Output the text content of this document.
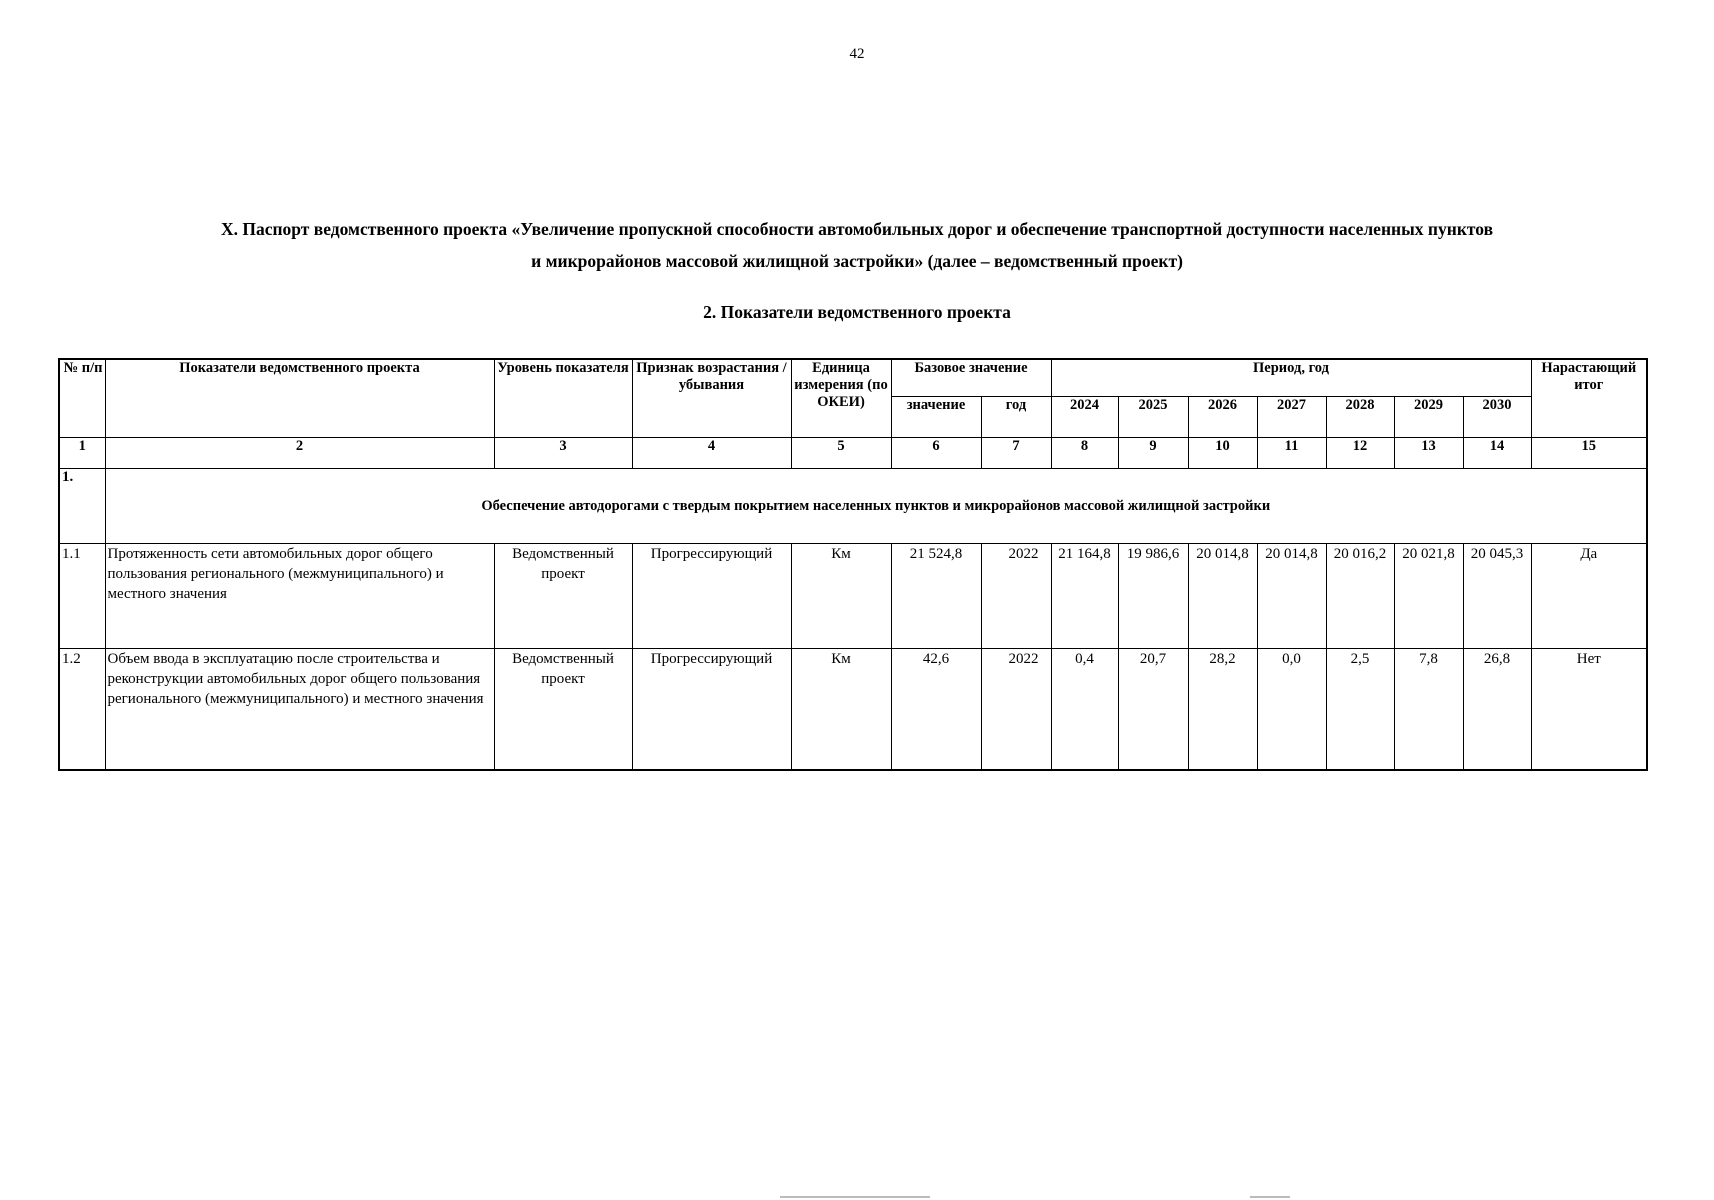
42
X. Паспорт ведомственного проекта «Увеличение пропускной способности автомобильных дорог и обеспечение транспортной доступности населенных пунктов
и микрорайонов массовой жилищной застройки» (далее – ведомственный проект)
2. Показатели ведомственного проекта
№ п/п	Показатели ведомственного проекта	Уровень показателя	Признак возрастания / убывания	Единица измерения (по ОКЕИ)	Базовое значение		Период, год							Нарастающий итог
					значение	год	2024	2025	2026	2027	2028	2029	2030	
1	2	3	4	5	6	7	8	9	10	11	12	13	14	15
1.	Обеспечение автодорогами с твердым покрытием населенных пунктов и микрорайонов массовой жилищной застройки													
1.1	Протяженность сети автомобильных дорог общего пользования регионального (межмуниципального) и местного значения	Ведомственный проект	Прогрессирующий	Км	21 524,8	2022	21 164,8	19 986,6	20 014,8	20 014,8	20 016,2	20 021,8	20 045,3	Да
1.2	Объем ввода в эксплуатацию после строительства и реконструкции автомобильных дорог общего пользования регионального (межмуниципального) и местного значения	Ведомственный проект	Прогрессирующий	Км	42,6	2022	0,4	20,7	28,2	0,0	2,5	7,8	26,8	Нет
